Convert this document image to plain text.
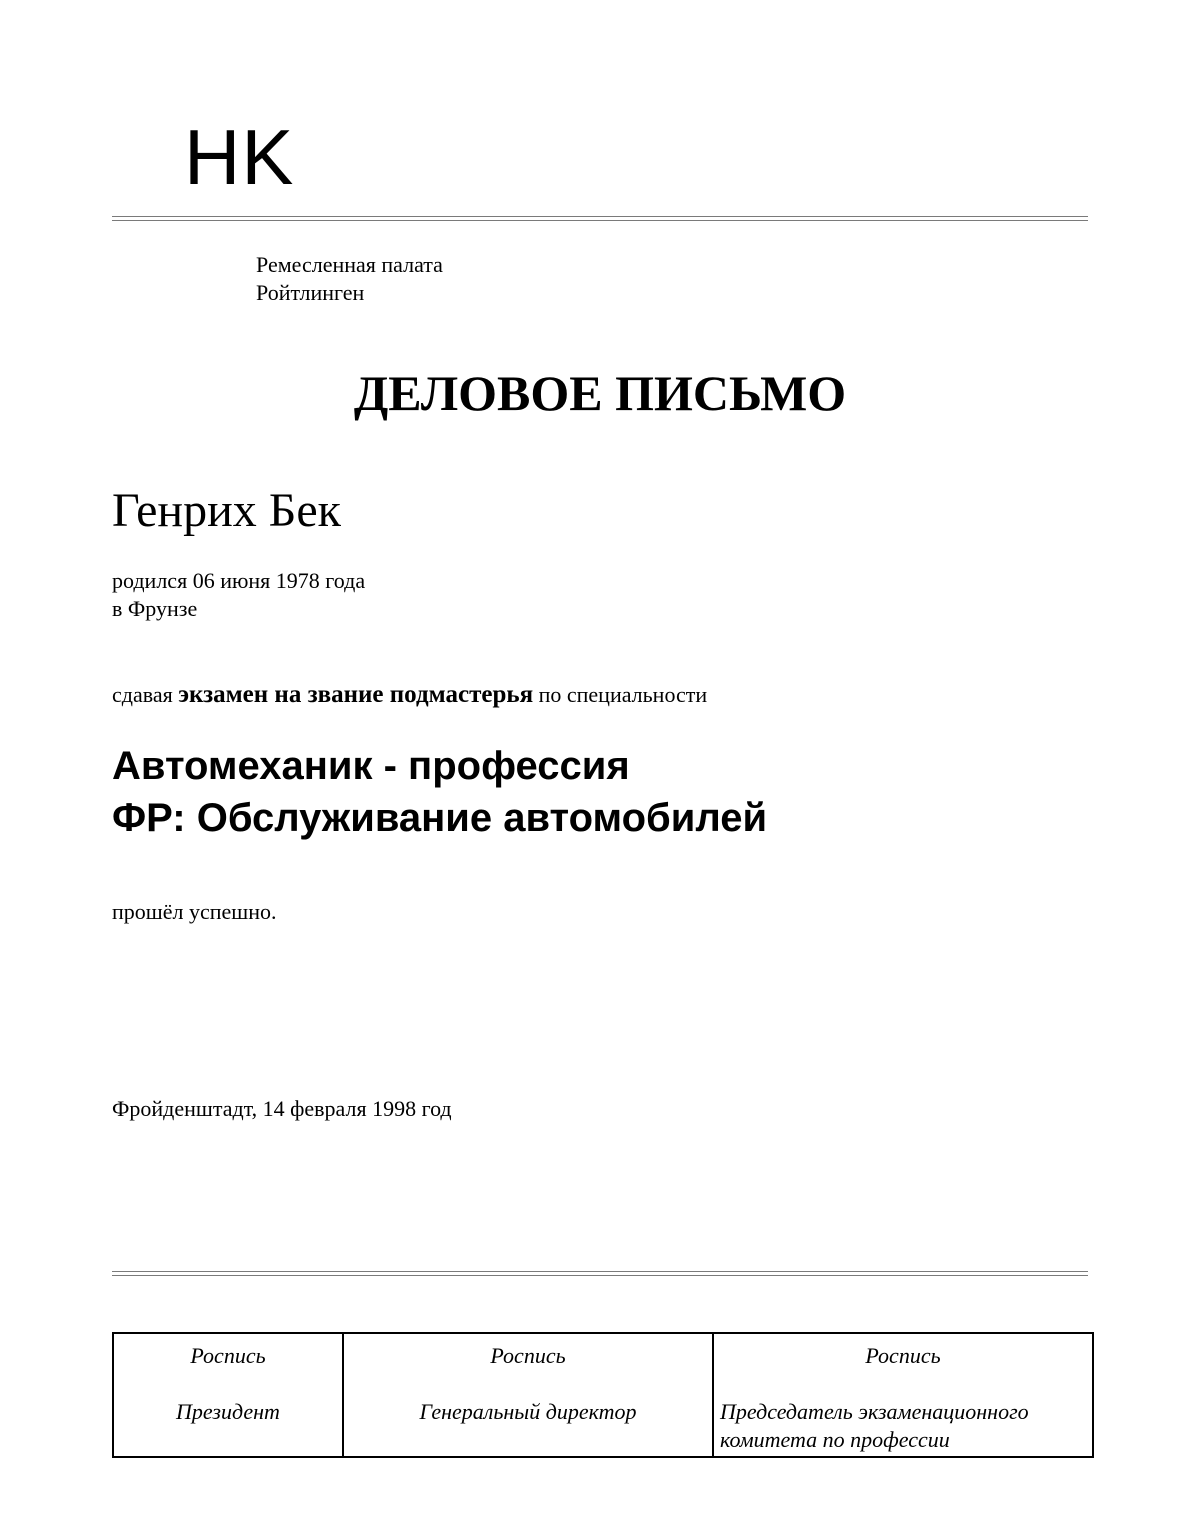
HK
Ремесленная палата
Ройтлинген
ДЕЛОВОЕ ПИСЬМО
Генрих Бек
родился 06 июня 1978 года
в Фрунзе
сдавая экзамен на звание подмастерья по специальности
Автомеханик - профессия
ФР: Обслуживание автомобилей
прошёл успешно.
Фройденштадт, 14 февраля 1998 год
Роспись
Президент

Роспись
Генеральный директор

Роспись
Председатель экзаменационного комитета по профессии
